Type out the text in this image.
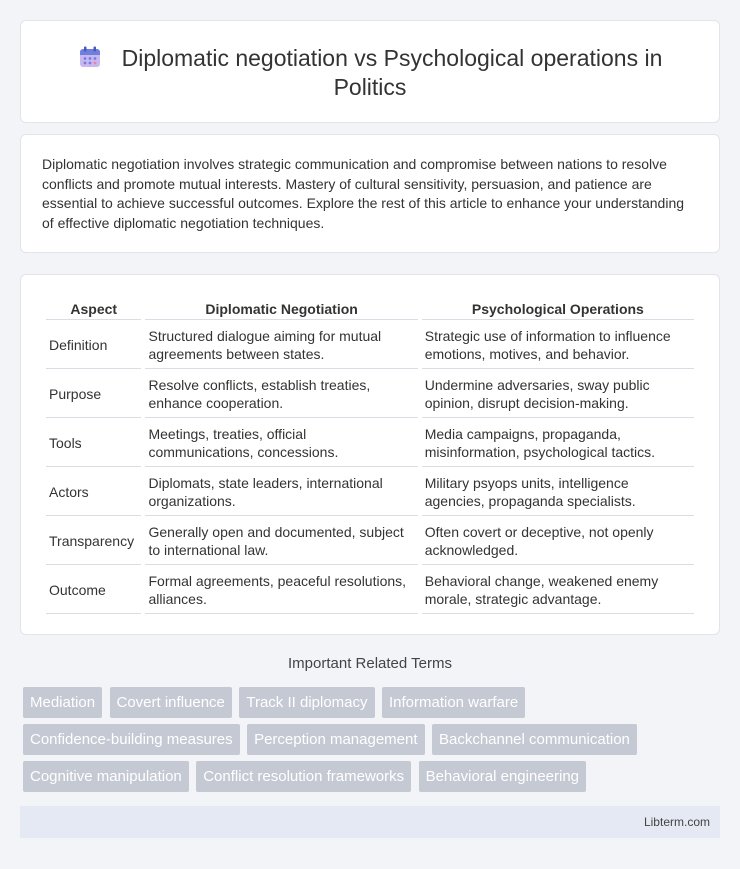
Diplomatic negotiation vs Psychological operations in Politics

Diplomatic negotiation involves strategic communication and compromise between nations to resolve conflicts and promote mutual interests. Mastery of cultural sensitivity, persuasion, and patience are essential to achieve successful outcomes. Explore the rest of this article to enhance your understanding of effective diplomatic negotiation techniques.

Aspect	Diplomatic Negotiation	Psychological Operations
Definition	Structured dialogue aiming for mutual agreements between states.	Strategic use of information to influence emotions, motives, and behavior.
Purpose	Resolve conflicts, establish treaties, enhance cooperation.	Undermine adversaries, sway public opinion, disrupt decision-making.
Tools	Meetings, treaties, official communications, concessions.	Media campaigns, propaganda, misinformation, psychological tactics.
Actors	Diplomats, state leaders, international organizations.	Military psyops units, intelligence agencies, propaganda specialists.
Transparency	Generally open and documented, subject to international law.	Often covert or deceptive, not openly acknowledged.
Outcome	Formal agreements, peaceful resolutions, alliances.	Behavioral change, weakened enemy morale, strategic advantage.
Important Related Terms
Mediation Covert influence Track II diplomacy Information warfare
Confidence-building measures Perception management Backchannel communication
Cognitive manipulation Conflict resolution frameworks Behavioral engineering
Libterm.com
